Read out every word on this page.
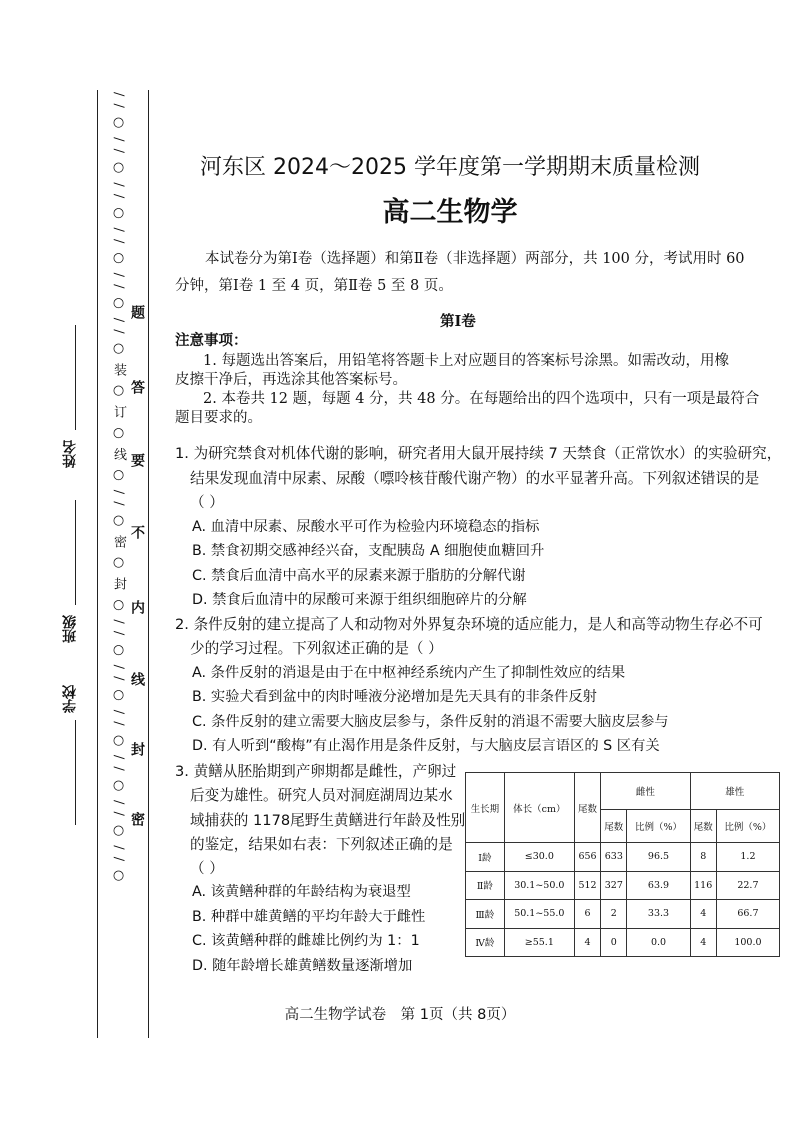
/ / ○ / / ○ / / ○ / / ○ / / ○ / / ○ 装 ○ 订 ○ 线 ○ / / ○ 密 ○ 封 ○ / / ○ / / ○ / / ○ / / ○ / / ○ / / ○ 题
答
要
不
内
线
封
密
姓名
班级
学校
河东区 2024～2025 学年度第一学期期末质量检测
高二生物学
本试卷分为第Ⅰ卷（选择题）和第Ⅱ卷（非选择题）两部分，共 100 分，考试用时 60
分钟，第Ⅰ卷 1 至 4 页，第Ⅱ卷 5 至 8 页。
第Ⅰ卷
注意事项：
1. 每题选出答案后，用铅笔将答题卡上对应题目的答案标号涂黑。如需改动，用橡
皮擦干净后，再选涂其他答案标号。
2. 本卷共 12 题，每题 4 分，共 48 分。在每题给出的四个选项中，只有一项是最符合
题目要求的。
1. 为研究禁食对机体代谢的影响，研究者用大鼠开展持续 7 天禁食（正常饮水）的实验研究，
结果发现血清中尿素、尿酸（嘌呤核苷酸代谢产物）的水平显著升高。下列叙述错误的是
（ ）
A. 血清中尿素、尿酸水平可作为检验内环境稳态的指标
B. 禁食初期交感神经兴奋，支配胰岛 A 细胞使血糖回升
C. 禁食后血清中高水平的尿素来源于脂肪的分解代谢
D. 禁食后血清中的尿酸可来源于组织细胞碎片的分解
2. 条件反射的建立提高了人和动物对外界复杂环境的适应能力，是人和高等动物生存必不可
少的学习过程。下列叙述正确的是（ ）
A. 条件反射的消退是由于在中枢神经系统内产生了抑制性效应的结果
B. 实验犬看到盆中的肉时唾液分泌增加是先天具有的非条件反射
C. 条件反射的建立需要大脑皮层参与，条件反射的消退不需要大脑皮层参与
D. 有人听到“酸梅”有止渴作用是条件反射，与大脑皮层言语区的 S 区有关
3. 黄鳝从胚胎期到产卵期都是雌性，产卵过
后变为雄性。研究人员对洞庭湖周边某水
域捕获的 1178尾野生黄鳝进行年龄及性别
的鉴定，结果如右表：下列叙述正确的是
（ ）
A. 该黄鳝种群的年龄结构为衰退型
B. 种群中雄黄鳝的平均年龄大于雌性
C. 该黄鳝种群的雌雄比例约为 1：1
D. 随年龄增长雄黄鳝数量逐渐增加
生长期	体长（cm）	尾数	雌性		雄性	
			尾数	比例（%）	尾数	比例（%）
Ⅰ龄	≤30.0	656	633	96.5	8	1.2
Ⅱ龄	30.1~50.0	512	327	63.9	116	22.7
Ⅲ龄	50.1~55.0	6	2	33.3	4	66.7
Ⅳ龄	≥55.1	4	0	0.0	4	100.0
高二生物学试卷　第 1页（共 8页）
